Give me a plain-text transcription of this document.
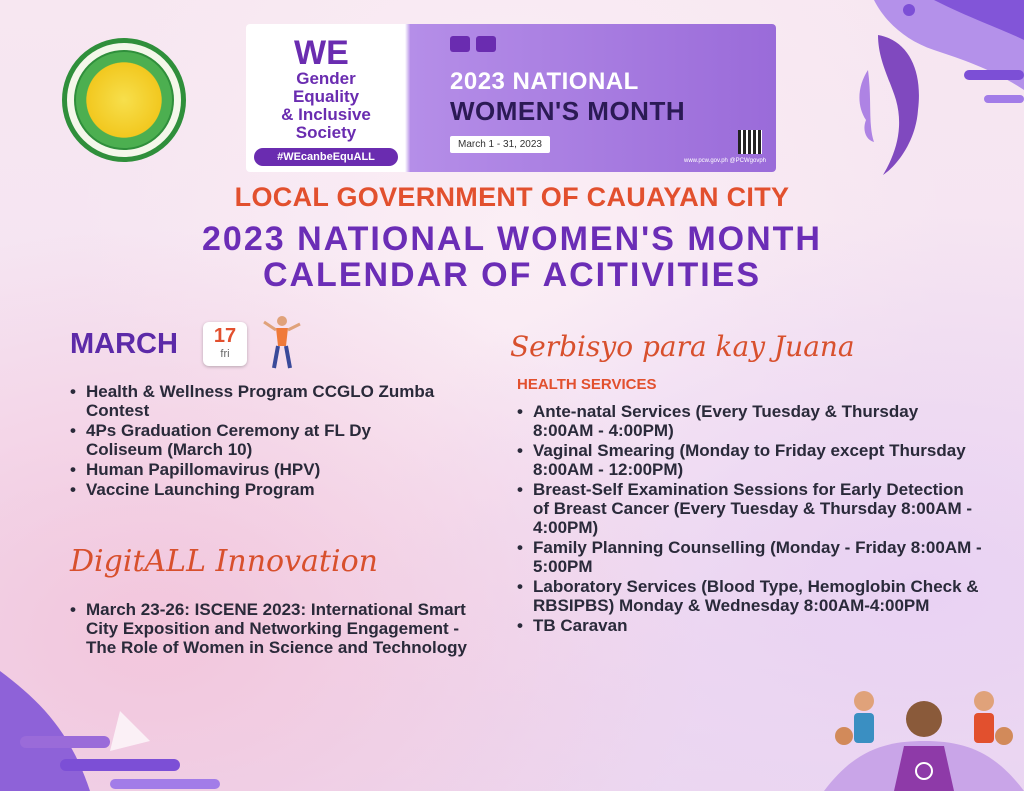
WE
Gender
Equality
& Inclusive
Society
#WEcanbeEquALL
2023 NATIONAL
WOMEN'S MONTH
March 1 - 31, 2023
www.pcw.gov.ph @PCWgovph
LOCAL GOVERNMENT OF CAUAYAN CITY
2023 NATIONAL WOMEN'S MONTH
CALENDAR OF ACITIVITIES
MARCH	17
fri
• Health & Wellness Program CCGLO Zumba Contest
• 4Ps Graduation Ceremony at FL Dy Coliseum (March 10)
• Human Papillomavirus (HPV)
• Vaccine Launching Program
DigitALL Innovation
• March 23-26: ISCENE 2023: International Smart City Exposition and Networking Engagement - The Role of Women in Science and Technology
Serbisyo para kay Juana
HEALTH SERVICES
• Ante-natal Services (Every Tuesday & Thursday 8:00AM - 4:00PM)
• Vaginal Smearing (Monday to Friday except Thursday 8:00AM - 12:00PM)
• Breast-Self Examination Sessions for Early Detection of Breast Cancer (Every Tuesday & Thursday 8:00AM - 4:00PM)
• Family Planning Counselling (Monday - Friday 8:00AM - 5:00PM
• Laboratory Services (Blood Type, Hemoglobin Check & RBSIPBS) Monday & Wednesday 8:00AM-4:00PM
• TB Caravan
